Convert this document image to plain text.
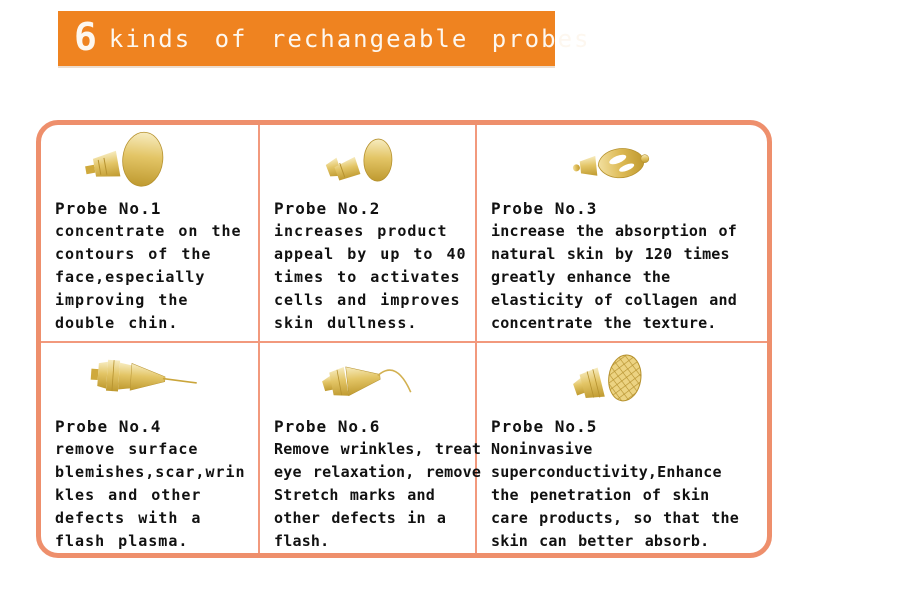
6 kinds of rechangeable probes
Probe No.1
concentrate on the
contours of the
face,especially
improving the
double chin.
Probe No.2
increases product
appeal by up to 40
times to activates
cells and improves
skin dullness.
Probe No.3
increase the absorption of
natural skin by 120 times
greatly enhance the
elasticity of collagen and
concentrate the texture.
Probe No.4
remove surface
blemishes,scar,wrin
kles and other
defects with a
flash plasma.
Probe No.6
Remove wrinkles, treat
eye relaxation, remove
Stretch marks and
other defects in a
flash.
Probe No.5
Noninvasive
superconductivity,Enhance
the penetration of skin
care products, so that the
skin can better absorb.
